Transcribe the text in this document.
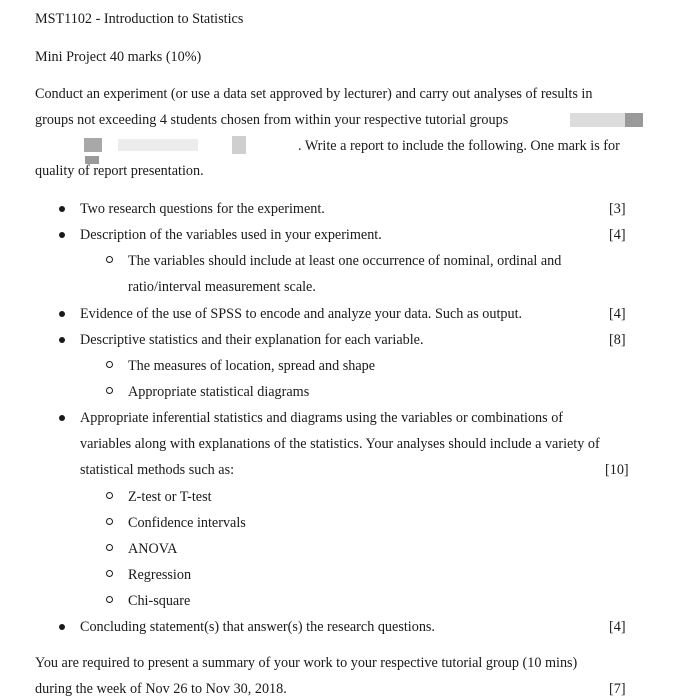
MST1102 - Introduction to Statistics
Mini Project 40 marks (10%)
Conduct an experiment (or use a data set approved by lecturer) and carry out analyses of results in
groups not exceeding 4 students chosen from within your respective tutorial groups
. Write a report to include the following. One mark is for
quality of report presentation.
Two research questions for the experiment.	[3]
Description of the variables used in your experiment.	[4]
The variables should include at least one occurrence of nominal, ordinal and
ratio/interval measurement scale.
Evidence of the use of SPSS to encode and analyze your data. Such as output.	[4]
Descriptive statistics and their explanation for each variable.	[8]
The measures of location, spread and shape
Appropriate statistical diagrams
Appropriate inferential statistics and diagrams using the variables or combinations of
variables along with explanations of the statistics. Your analyses should include a variety of
statistical methods such as:	[10]
Z-test or T-test
Confidence intervals
ANOVA
Regression
Chi-square
Concluding statement(s) that answer(s) the research questions.	[4]
You are required to present a summary of your work to your respective tutorial group (10 mins)
during the week of Nov 26 to Nov 30, 2018.	[7]
